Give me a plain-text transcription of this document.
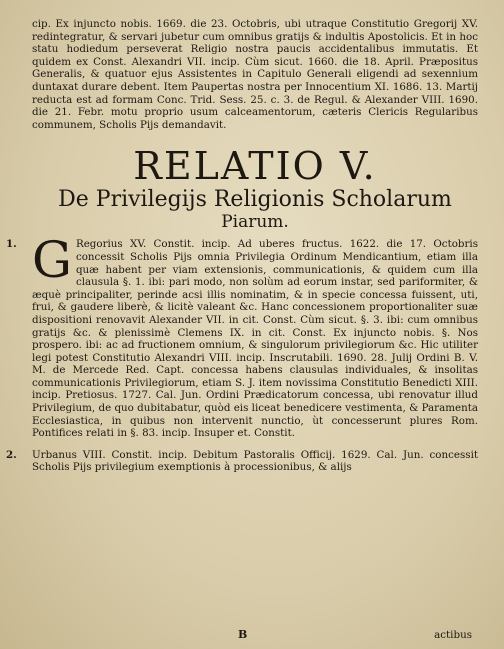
cip. Ex injuncto nobis. 1669. die 23. Octobris, ubi utraque Constitutio Gregorij XV. redintegratur, & servari jubetur cum omnibus gratijs & indultis Apostolicis. Et in hoc statu hodiedum perseverat Religio nostra paucis accidentalibus immutatis. Et quidem ex Const. Alexandri VII. incip. Cùm sicut. 1660. die 18. April. Præpositus Generalis, & quatuor ejus Assistentes in Capitulo Generali eligendi ad sexennium duntaxat durare debent. Item Paupertas nostra per Innocentium XI. 1686. 13. Martij reducta est ad formam Conc. Trid. Sess. 25. c. 3. de Regul. & Alexander VIII. 1690. die 21. Febr. motu proprio usum calceamentorum, cæteris Clericis Regularibus communem, Scholis Pijs demandavit.

RELATIO V.

De Privilegijs Religionis Scholarum

Piarum.

1. G Regorius XV. Constit. incip. Ad uberes fructus. 1622. die 17. Octobris concessit Scholis Pijs omnia Privilegia Ordinum Mendicantium, etiam illa quæ habent per viam extensionis, communicationis, & quidem cum illa clausula §. 1. ibi: pari modo, non solùm ad eorum instar, sed pariformiter, & æquè principaliter, perinde acsi illis nominatim, & in specie concessa fuissent, uti, frui, & gaudere liberè, & licitè valeant &c. Hanc concessionem proportionaliter suæ dispositioni renovavit Alexander VII. in cit. Const. Cùm sicut. §. 3. ibi: cum omnibus gratijs &c. & plenissimè Clemens IX. in cit. Const. Ex injuncto nobis. §. Nos prospero. ibi: ac ad fructionem omnium, & singulorum privilegiorum &c. Hic utiliter legi potest Constitutio Alexandri VIII. incip. Inscrutabili. 1690. 28. Julij Ordini B. V. M. de Mercede Red. Capt. concessa habens clausulas individuales, & insolitas communicationis Privilegiorum, etiam S. J. item novissima Constitutio Benedicti XIII. incip. Pretiosus. 1727. Cal. Jun. Ordini Prædicatorum concessa, ubi renovatur illud Privilegium, de quo dubitabatur, quòd eis liceat benedicere vestimenta, & Paramenta Ecclesiastica, in quibus non intervenit nunctio, ùt concesserunt plures Rom. Pontifices relati in §. 83. incip. Insuper et. Constit.
2. Urbanus VIII. Constit. incip. Debitum Pastoralis Officij. 1629. Cal. Jun. concessit Scholis Pijs privilegium exemptionis à processionibus, & alijs
B	actibus
